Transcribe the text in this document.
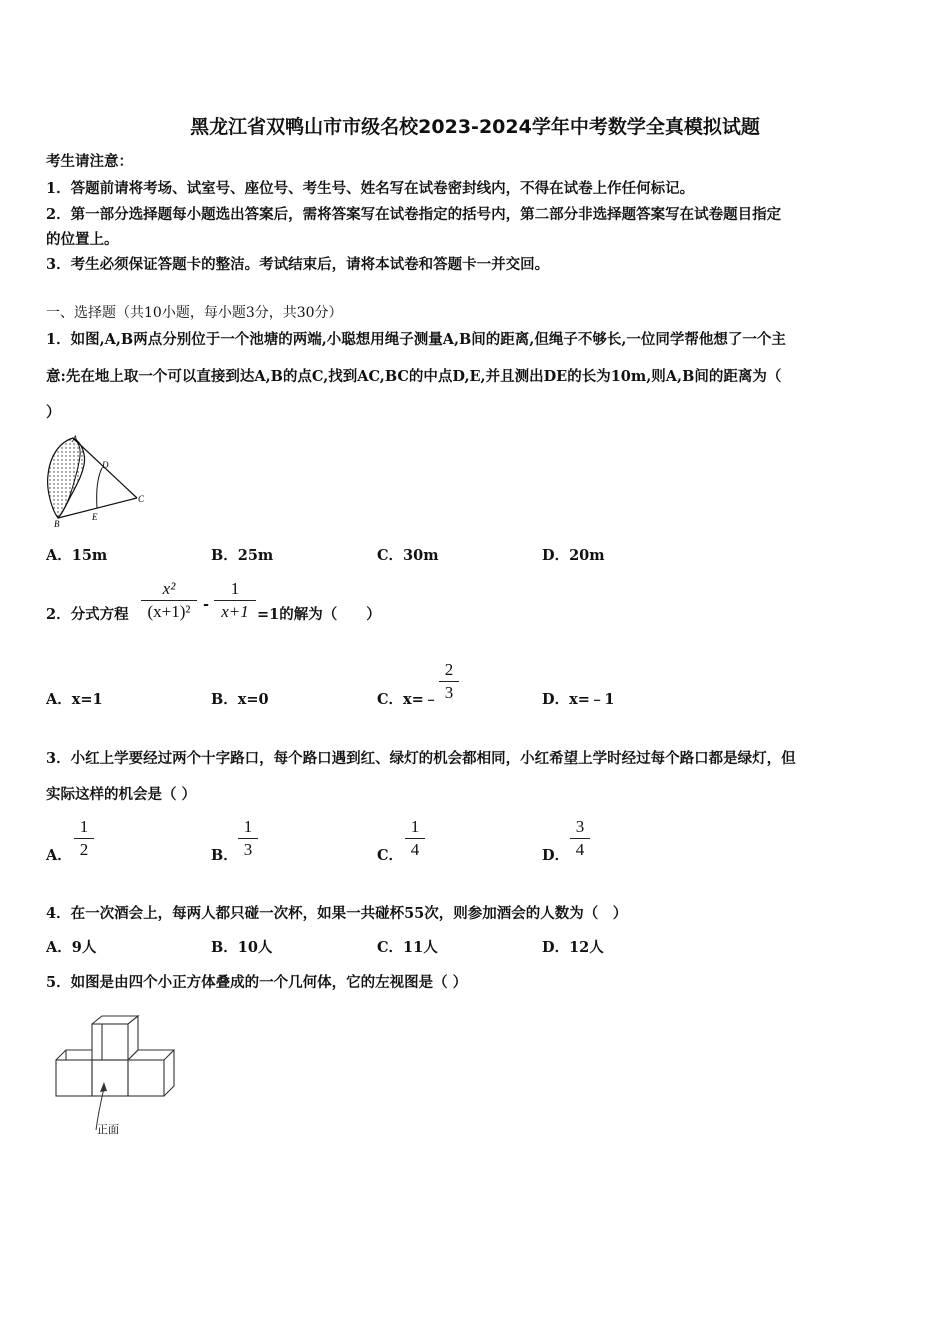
黑龙江省双鸭山市市级名校2023-2024学年中考数学全真模拟试题
考生请注意：
1．答题前请将考场、试室号、座位号、考生号、姓名写在试卷密封线内，不得在试卷上作任何标记。
2．第一部分选择题每小题选出答案后，需将答案写在试卷指定的括号内，第二部分非选择题答案写在试卷题目指定
的位置上。
3．考生必须保证答题卡的整洁。考试结束后，请将本试卷和答题卡一并交回。
一、选择题（共10小题，每小题3分，共30分）
1．如图,A,B两点分别位于一个池塘的两端,小聪想用绳子测量A,B间的距离,但绳子不够长,一位同学帮他想了一个主
意:先在地上取一个可以直接到达A,B的点C,找到AC,BC的中点D,E,并且测出DE的长为10m,则A,B间的距离为（
）
A
D
C
B
E
A．15m	B．25m	C．30m	D．20m
2．分式方程
x²
(x+1)² -
1
x+1 =1的解为（　　）
A．x=1	B．x=0	C．x=﹣
2
3	D．x=﹣1
3．小红上学要经过两个十字路口，每个路口遇到红、绿灯的机会都相同，小红希望上学时经过每个路口都是绿灯，但
实际这样的机会是（ ）
A．
1
2	B．
1
3	C．
1
4	D．
3
4
4．在一次酒会上，每两人都只碰一次杯，如果一共碰杯55次，则参加酒会的人数为（　）
A．9人	B．10人	C．11人	D．12人
5．如图是由四个小正方体叠成的一个几何体，它的左视图是（ ）
正面
